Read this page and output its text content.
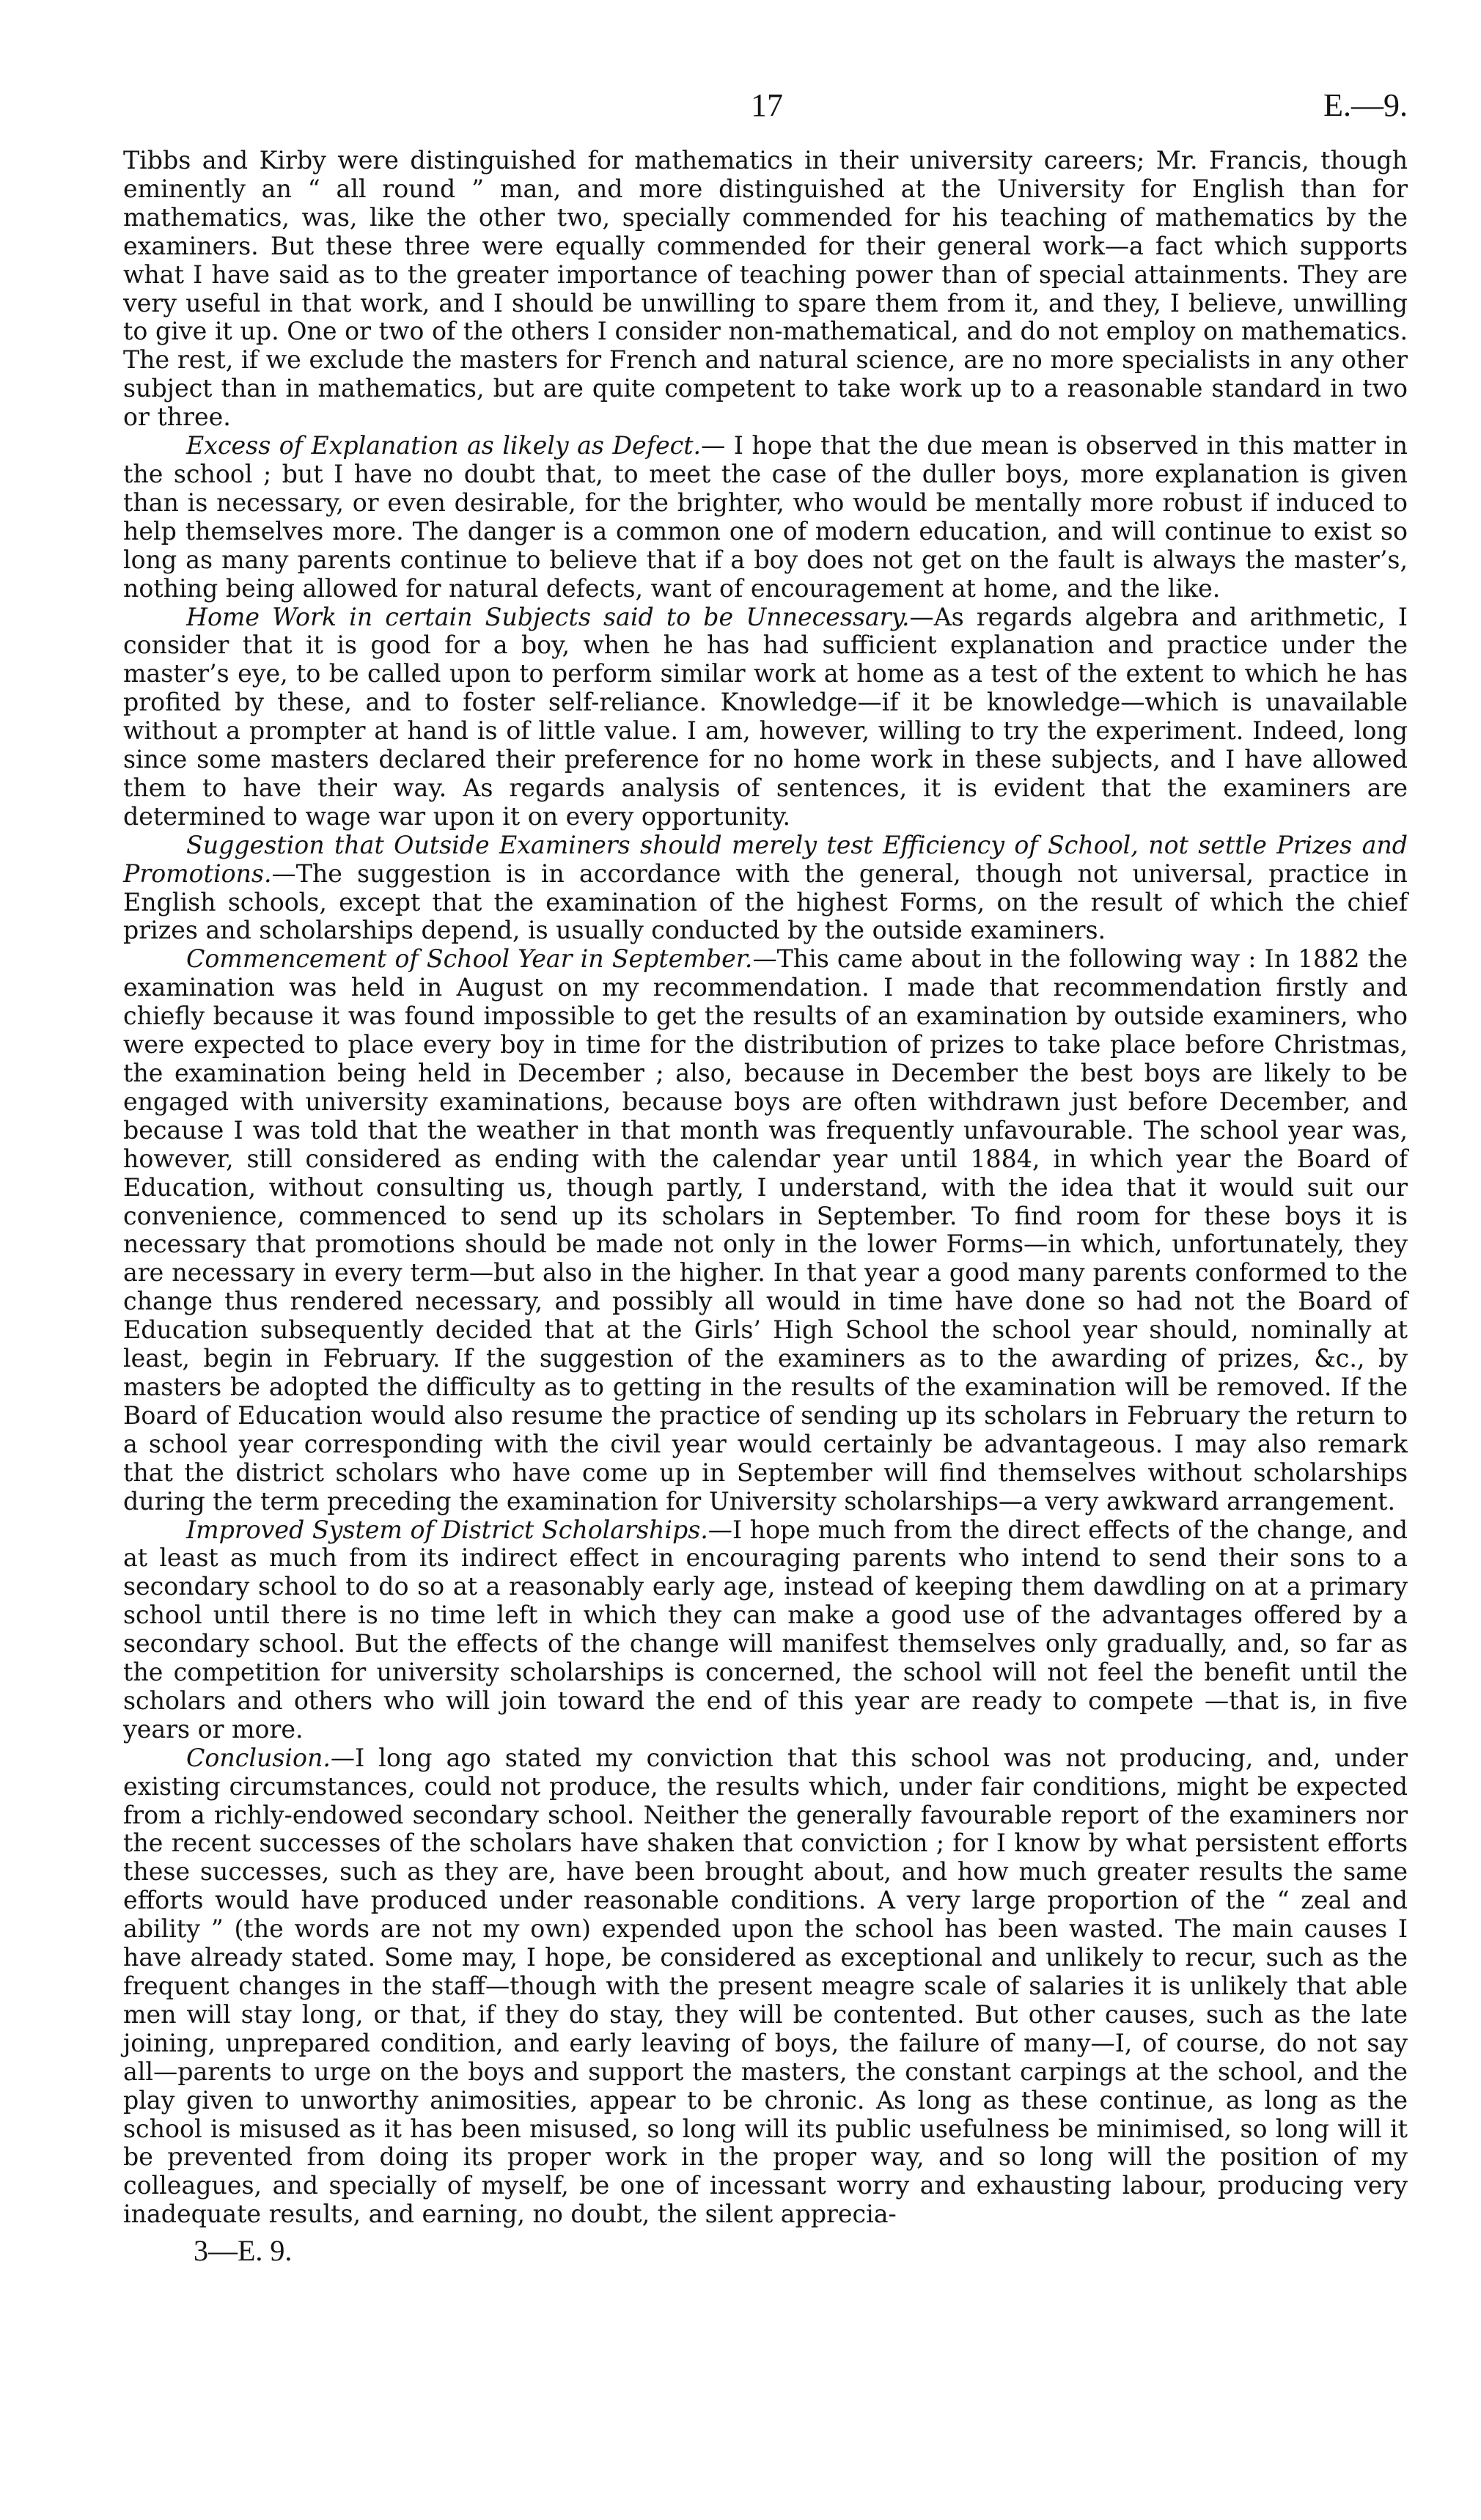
17	E.—9.

Tibbs and Kirby were distinguished for mathematics in their university careers; Mr. Francis, though eminently an “ all round ” man, and more distinguished at the University for English than for mathematics, was, like the other two, specially commended for his teaching of mathematics by the examiners. But these three were equally commended for their general work—a fact which supports what I have said as to the greater importance of teaching power than of special attainments. They are very useful in that work, and I should be unwilling to spare them from it, and they, I believe, unwilling to give it up. One or two of the others I consider non-mathematical, and do not employ on mathematics. The rest, if we exclude the masters for French and natural science, are no more specialists in any other subject than in mathematics, but are quite competent to take work up to a reasonable standard in two or three.

Excess of Explanation as likely as Defect.— I hope that the due mean is observed in this matter in the school ; but I have no doubt that, to meet the case of the duller boys, more explanation is given than is necessary, or even desirable, for the brighter, who would be mentally more robust if induced to help themselves more. The danger is a common one of modern education, and will continue to exist so long as many parents continue to believe that if a boy does not get on the fault is always the master’s, nothing being allowed for natural defects, want of encouragement at home, and the like.

Home Work in certain Subjects said to be Unnecessary.—As regards algebra and arithmetic, I consider that it is good for a boy, when he has had sufficient explanation and practice under the master’s eye, to be called upon to perform similar work at home as a test of the extent to which he has profited by these, and to foster self-reliance. Knowledge—if it be knowledge—which is unavailable without a prompter at hand is of little value. I am, however, willing to try the experiment. Indeed, long since some masters declared their preference for no home work in these subjects, and I have allowed them to have their way. As regards analysis of sentences, it is evident that the examiners are determined to wage war upon it on every opportunity.

Suggestion that Outside Examiners should merely test Efficiency of School, not settle Prizes and Promotions.—The suggestion is in accordance with the general, though not universal, practice in English schools, except that the examination of the highest Forms, on the result of which the chief prizes and scholarships depend, is usually conducted by the outside examiners.

Commencement of School Year in September.—This came about in the following way : In 1882 the examination was held in August on my recommendation. I made that recommendation firstly and chiefly because it was found impossible to get the results of an examination by outside examiners, who were expected to place every boy in time for the distribution of prizes to take place before Christmas, the examination being held in December ; also, because in December the best boys are likely to be engaged with university examinations, because boys are often withdrawn just before December, and because I was told that the weather in that month was frequently unfavourable. The school year was, however, still considered as ending with the calendar year until 1884, in which year the Board of Education, without consulting us, though partly, I understand, with the idea that it would suit our convenience, commenced to send up its scholars in September. To find room for these boys it is necessary that promotions should be made not only in the lower Forms—in which, unfortunately, they are necessary in every term—but also in the higher. In that year a good many parents conformed to the change thus rendered necessary, and possibly all would in time have done so had not the Board of Education subsequently decided that at the Girls’ High School the school year should, nominally at least, begin in February. If the suggestion of the examiners as to the awarding of prizes, &c., by masters be adopted the difficulty as to getting in the results of the examination will be removed. If the Board of Education would also resume the practice of sending up its scholars in February the return to a school year corresponding with the civil year would certainly be advantageous. I may also remark that the district scholars who have come up in September will find themselves without scholarships during the term preceding the examination for University scholarships—a very awkward arrangement.

Improved System of District Scholarships.—I hope much from the direct effects of the change, and at least as much from its indirect effect in encouraging parents who intend to send their sons to a secondary school to do so at a reasonably early age, instead of keeping them dawdling on at a primary school until there is no time left in which they can make a good use of the advantages offered by a secondary school. But the effects of the change will manifest themselves only gradually, and, so far as the competition for university scholarships is concerned, the school will not feel the benefit until the scholars and others who will join toward the end of this year are ready to compete —that is, in five years or more.

Conclusion.—I long ago stated my conviction that this school was not producing, and, under existing circumstances, could not produce, the results which, under fair conditions, might be expected from a richly-endowed secondary school. Neither the generally favourable report of the examiners nor the recent successes of the scholars have shaken that conviction ; for I know by what persistent efforts these successes, such as they are, have been brought about, and how much greater results the same efforts would have produced under reasonable conditions. A very large proportion of the “ zeal and ability ” (the words are not my own) expended upon the school has been wasted. The main causes I have already stated. Some may, I hope, be considered as exceptional and unlikely to recur, such as the frequent changes in the staff—though with the present meagre scale of salaries it is unlikely that able men will stay long, or that, if they do stay, they will be contented. But other causes, such as the late joining, unprepared condition, and early leaving of boys, the failure of many—I, of course, do not say all—parents to urge on the boys and support the masters, the constant carpings at the school, and the play given to unworthy animosities, appear to be chronic. As long as these continue, as long as the school is misused as it has been misused, so long will its public usefulness be minimised, so long will it be prevented from doing its proper work in the proper way, and so long will the position of my colleagues, and specially of myself, be one of incessant worry and exhausting labour, producing very inadequate results, and earning, no doubt, the silent apprecia-

3—E. 9.
